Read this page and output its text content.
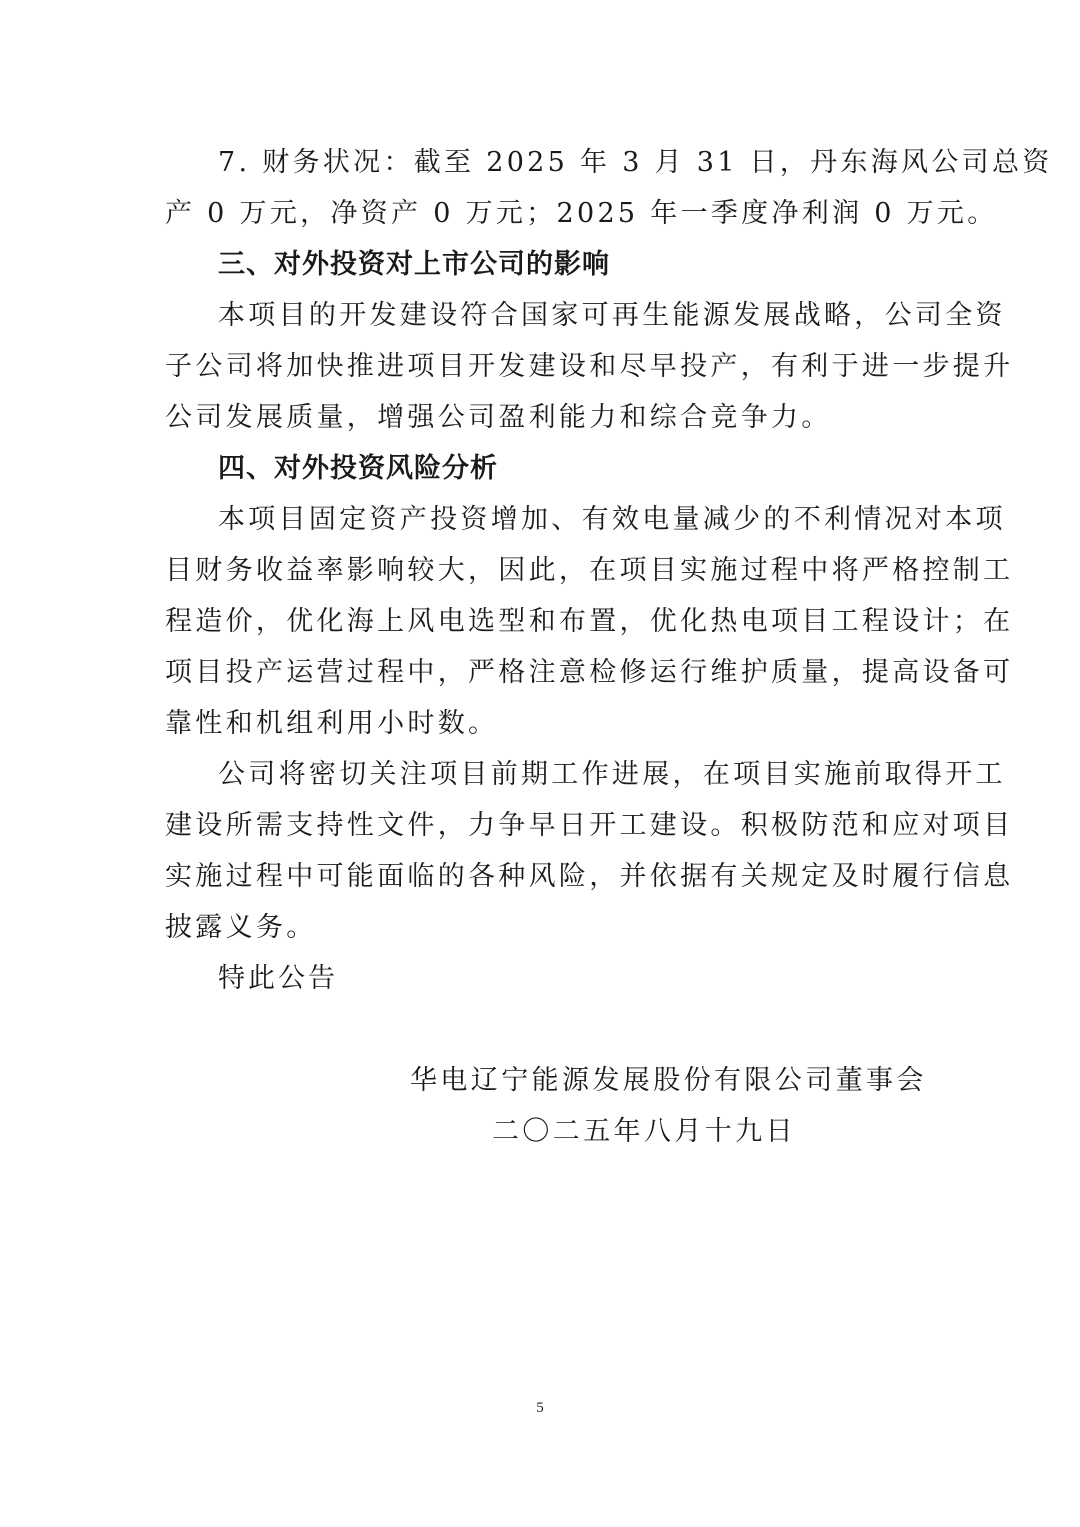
7. 财务状况：截至 2025 年 3 月 31 日，丹东海风公司总资
产 0 万元，净资产 0 万元；2025 年一季度净利润 0 万元。
三、对外投资对上市公司的影响
本项目的开发建设符合国家可再生能源发展战略，公司全资
子公司将加快推进项目开发建设和尽早投产，有利于进一步提升
公司发展质量，增强公司盈利能力和综合竞争力。
四、对外投资风险分析
本项目固定资产投资增加、有效电量减少的不利情况对本项
目财务收益率影响较大，因此，在项目实施过程中将严格控制工
程造价，优化海上风电选型和布置，优化热电项目工程设计；在
项目投产运营过程中，严格注意检修运行维护质量，提高设备可
靠性和机组利用小时数。
公司将密切关注项目前期工作进展，在项目实施前取得开工
建设所需支持性文件，力争早日开工建设。积极防范和应对项目
实施过程中可能面临的各种风险，并依据有关规定及时履行信息
披露义务。
特此公告
华电辽宁能源发展股份有限公司董事会
二〇二五年八月十九日
5
